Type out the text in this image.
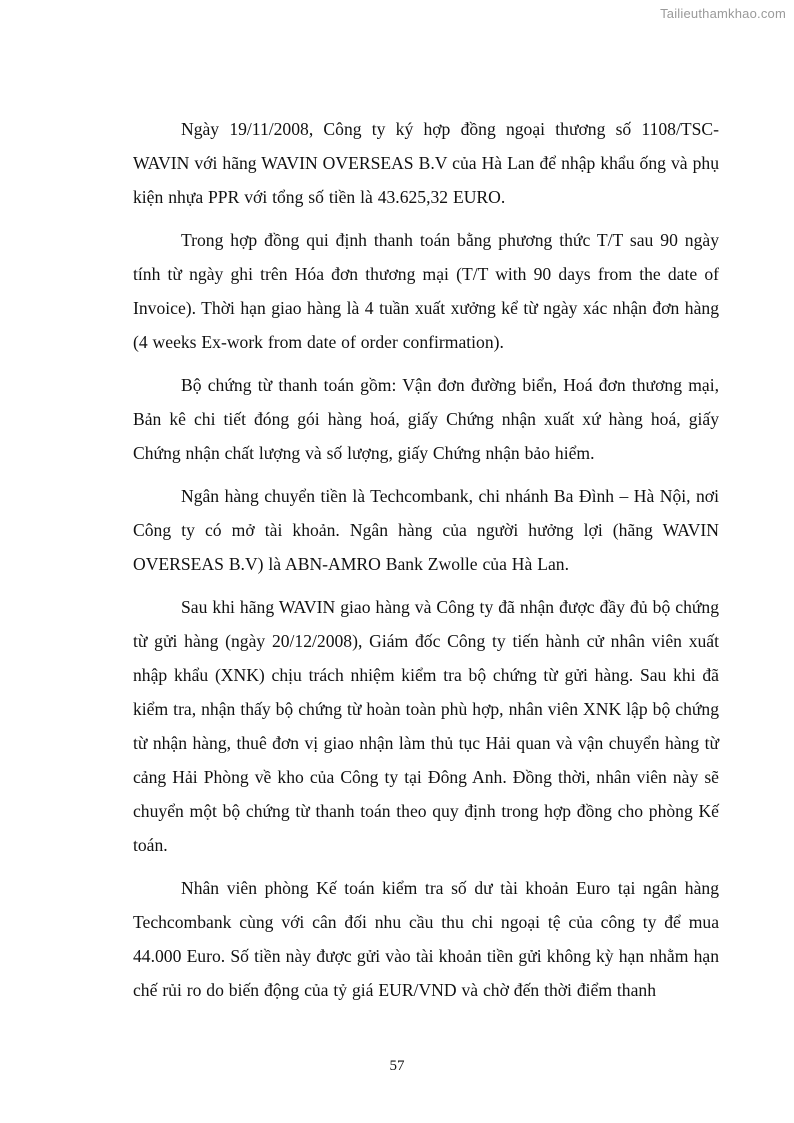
Tailieuthamkhao.com

Ngày 19/11/2008, Công ty ký hợp đồng ngoại thương số 1108/TSC-WAVIN với hãng WAVIN OVERSEAS B.V của Hà Lan để nhập khẩu ống và phụ kiện nhựa PPR với tổng số tiền là 43.625,32 EURO.

Trong hợp đồng qui định thanh toán bằng phương thức T/T sau 90 ngày tính từ ngày ghi trên Hóa đơn thương mại (T/T with 90 days from the date of Invoice). Thời hạn giao hàng là 4 tuần xuất xưởng kể từ ngày xác nhận đơn hàng (4 weeks Ex-work from date of order confirmation).

Bộ chứng từ thanh toán gồm: Vận đơn đường biển, Hoá đơn thương mại, Bản kê chi tiết đóng gói hàng hoá, giấy Chứng nhận xuất xứ hàng hoá, giấy Chứng nhận chất lượng và số lượng, giấy Chứng nhận bảo hiểm.

Ngân hàng chuyển tiền là Techcombank, chi nhánh Ba Đình – Hà Nội, nơi Công ty có mở tài khoản. Ngân hàng của người hưởng lợi (hãng WAVIN OVERSEAS B.V) là ABN-AMRO Bank Zwolle của Hà Lan.

Sau khi hãng WAVIN giao hàng và Công ty đã nhận được đầy đủ bộ chứng từ gửi hàng (ngày 20/12/2008), Giám đốc Công ty tiến hành cử nhân viên xuất nhập khẩu (XNK) chịu trách nhiệm kiểm tra bộ chứng từ gửi hàng. Sau khi đã kiểm tra, nhận thấy bộ chứng từ hoàn toàn phù hợp, nhân viên XNK lập bộ chứng từ nhận hàng, thuê đơn vị giao nhận làm thủ tục Hải quan và vận chuyển hàng từ cảng Hải Phòng về kho của Công ty tại Đông Anh. Đồng thời, nhân viên này sẽ chuyển một bộ chứng từ thanh toán theo quy định trong hợp đồng cho phòng Kế toán.

Nhân viên phòng Kế toán kiểm tra số dư tài khoản Euro tại ngân hàng Techcombank cùng với cân đối nhu cầu thu chi ngoại tệ của công ty để mua 44.000 Euro. Số tiền này được gửi vào tài khoản tiền gửi không kỳ hạn nhằm hạn chế rủi ro do biến động của tỷ giá EUR/VND và chờ đến thời điểm thanh

57
